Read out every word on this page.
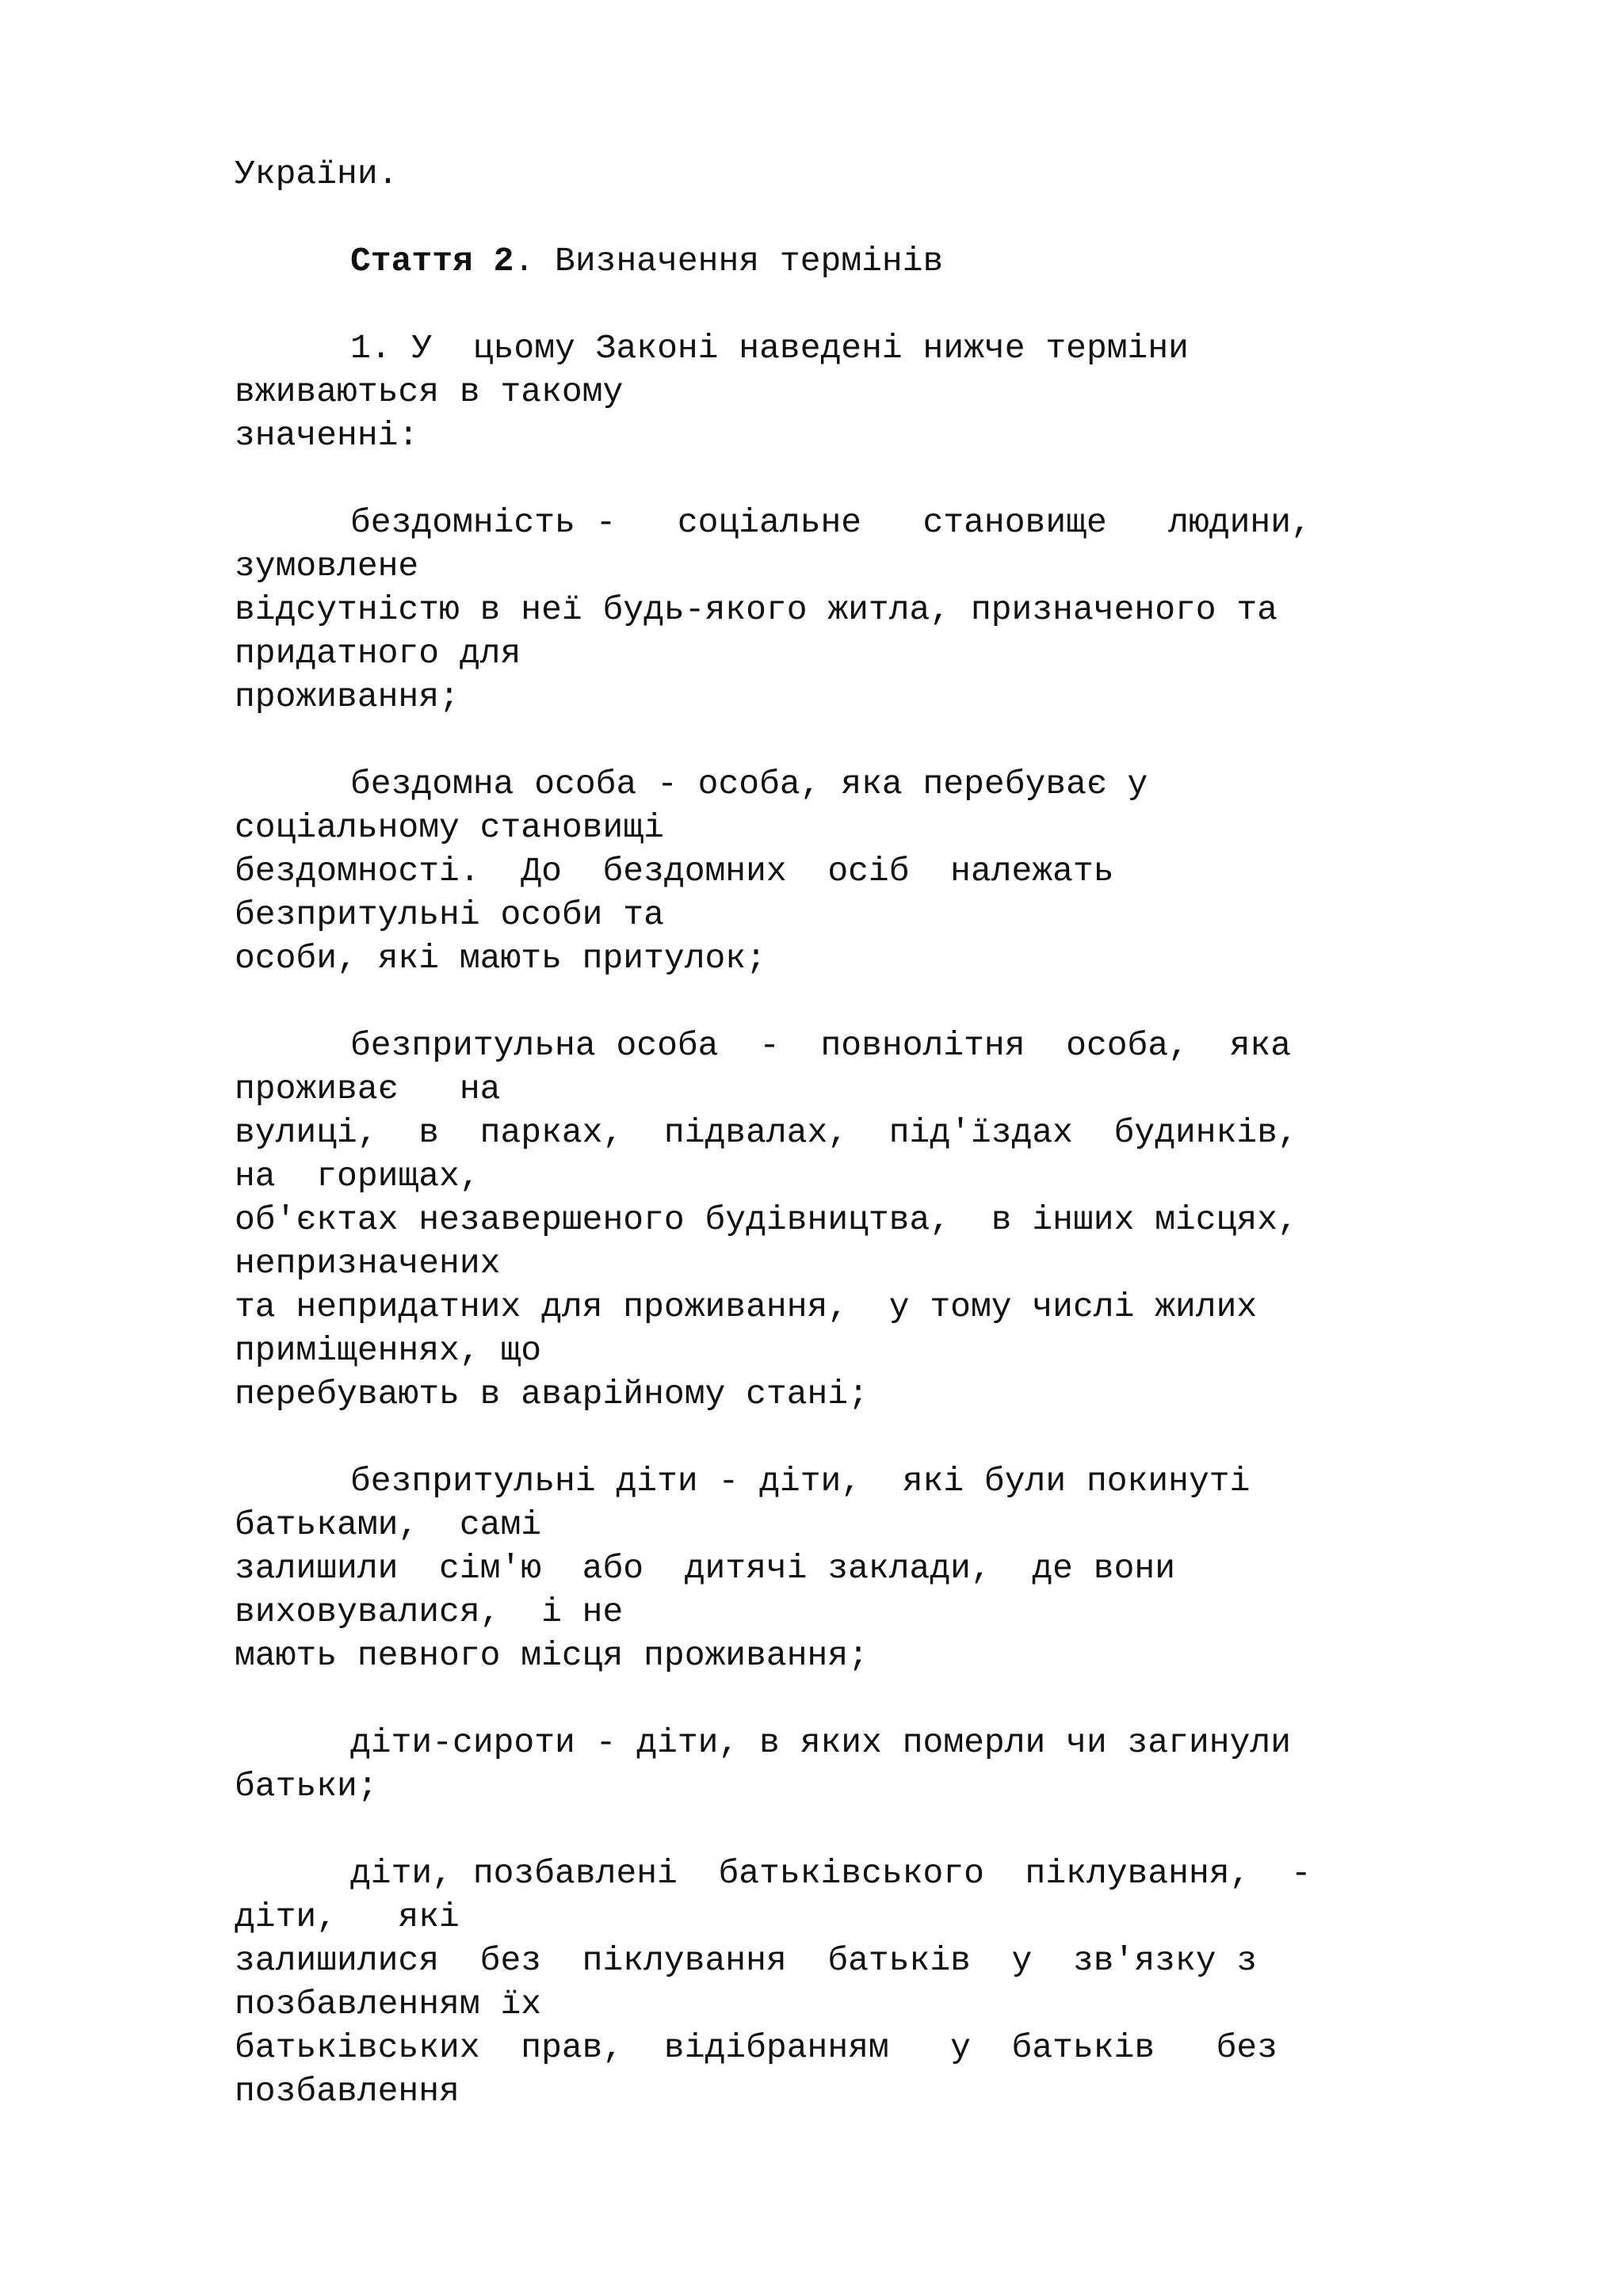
України.

Стаття 2. Визначення термінів

1. У  цьому Законі наведені нижче терміни

вживаються в такому

значенні:

бездомність -   соціальне   становище   людини,

зумовлене

відсутністю в неї будь-якого житла, призначеного та

придатного для

проживання;

бездомна особа - особа, яка перебуває у

соціальному становищі

бездомності.  До  бездомних  осіб  належать

безпритульні особи та

особи, які мають притулок;

безпритульна особа  -  повнолітня  особа,  яка

проживає   на

вулиці,  в  парках,  підвалах,  під'їздах  будинків,

на  горищах,

об'єктах незавершеного будівництва,  в інших місцях,

непризначених

та непридатних для проживання,  у тому числі жилих

приміщеннях, що

перебувають в аварійному стані;

безпритульні діти - діти,  які були покинуті

батьками,  самі

залишили  сім'ю  або  дитячі заклади,  де вони

виховувалися,  і не

мають певного місця проживання;

діти-сироти - діти, в яких померли чи загинули

батьки;

діти, позбавлені  батьківського  піклування,  -

діти,   які

залишилися  без  піклування  батьків  у  зв'язку з

позбавленням їх

батьківських  прав,  відібранням   у  батьків   без

позбавлення
